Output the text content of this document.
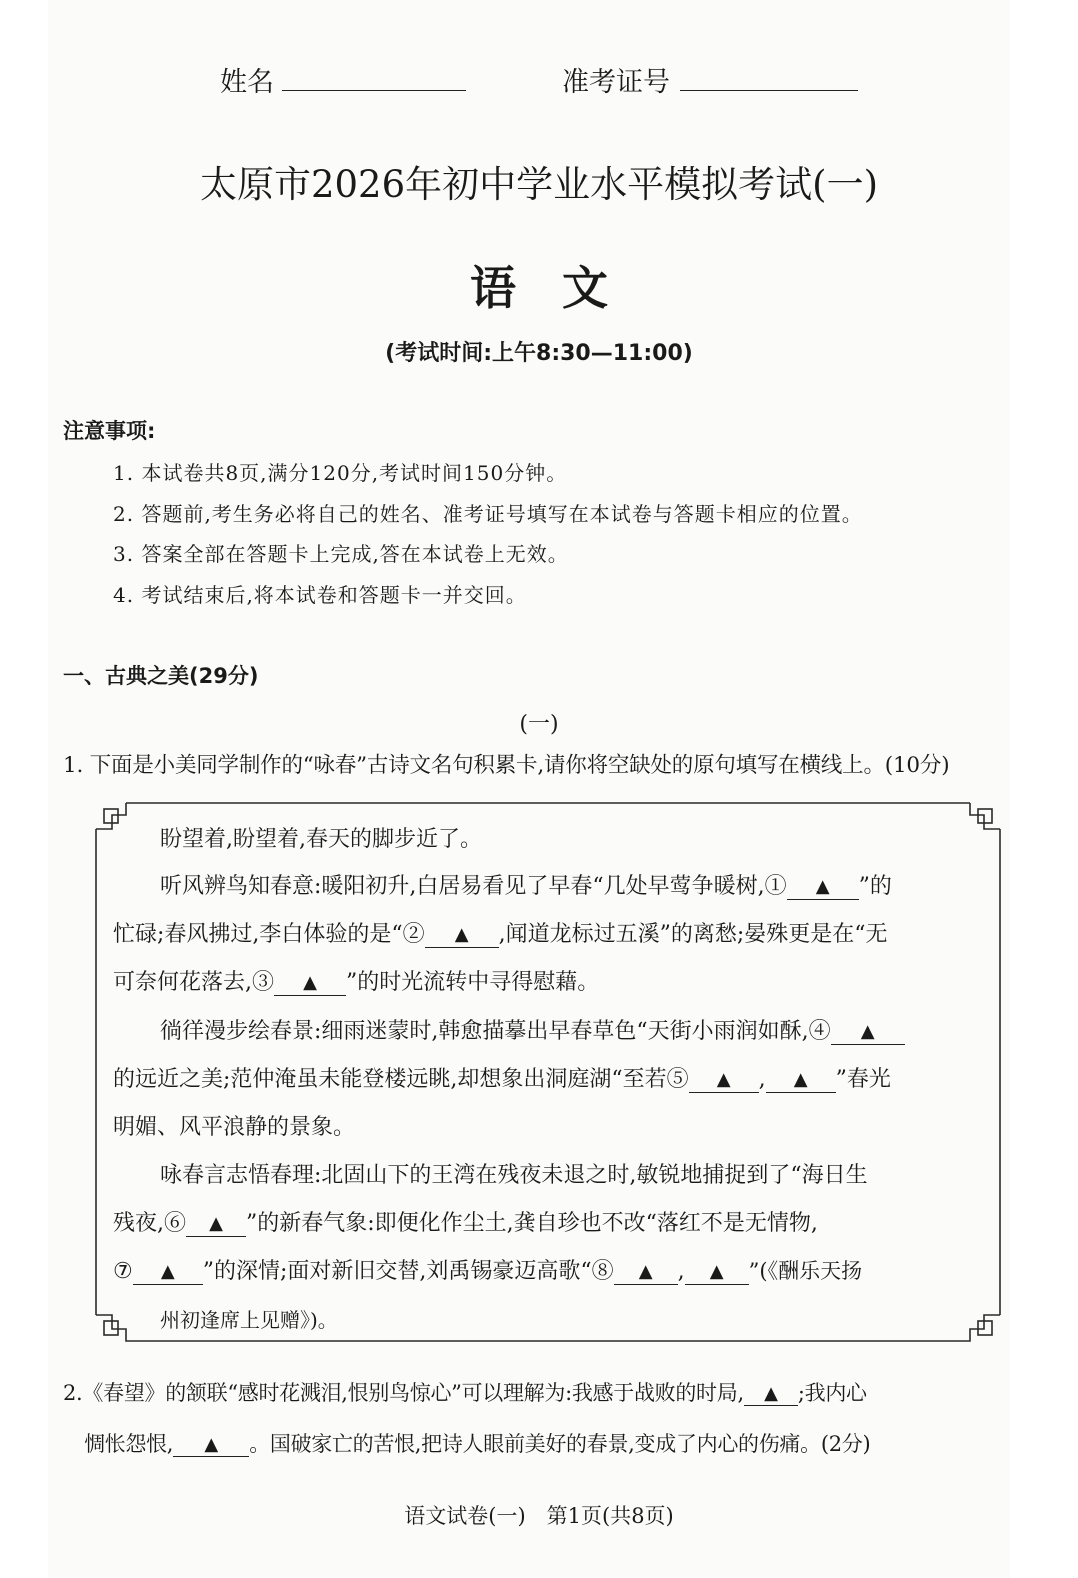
姓名	准考证号
太原市2026年初中学业水平模拟考试(一)
语　文
(考试时间:上午8:30—11:00)
注意事项:
1. 本试卷共8页,满分120分,考试时间150分钟。
2. 答题前,考生务必将自己的姓名、准考证号填写在本试卷与答题卡相应的位置。
3. 答案全部在答题卡上完成,答在本试卷上无效。
4. 考试结束后,将本试卷和答题卡一并交回。
一、古典之美(29分)
(一)
1. 下面是小美同学制作的“咏春”古诗文名句积累卡,请你将空缺处的原句填写在横线上。(10分)
盼望着,盼望着,春天的脚步近了。
听风辨鸟知春意:暖阳初升,白居易看见了早春“几处早莺争暖树,① ▲ ”的
忙碌;春风拂过,李白体验的是“② ▲ ,闻道龙标过五溪”的离愁;晏殊更是在“无
可奈何花落去,③ ▲ ”的时光流转中寻得慰藉。
徜徉漫步绘春景:细雨迷蒙时,韩愈描摹出早春草色“天街小雨润如酥,④ ▲
的远近之美;范仲淹虽未能登楼远眺,却想象出洞庭湖“至若⑤ ▲ , ▲ ”春光
明媚、风平浪静的景象。
咏春言志悟春理:北固山下的王湾在残夜未退之时,敏锐地捕捉到了“海日生
残夜,⑥ ▲ ”的新春气象:即便化作尘土,龚自珍也不改“落红不是无情物,
⑦ ▲ ”的深情;面对新旧交替,刘禹锡豪迈高歌“⑧ ▲ , ▲ ”(《酬乐天扬
州初逢席上见赠》)。
2.《春望》的颔联“感时花溅泪,恨别鸟惊心”可以理解为:我感于战败的时局, ▲ ;我内心
惆怅怨恨, ▲ 。国破家亡的苦恨,把诗人眼前美好的春景,变成了内心的伤痛。(2分)
语文试卷(一)　第1页(共8页)
